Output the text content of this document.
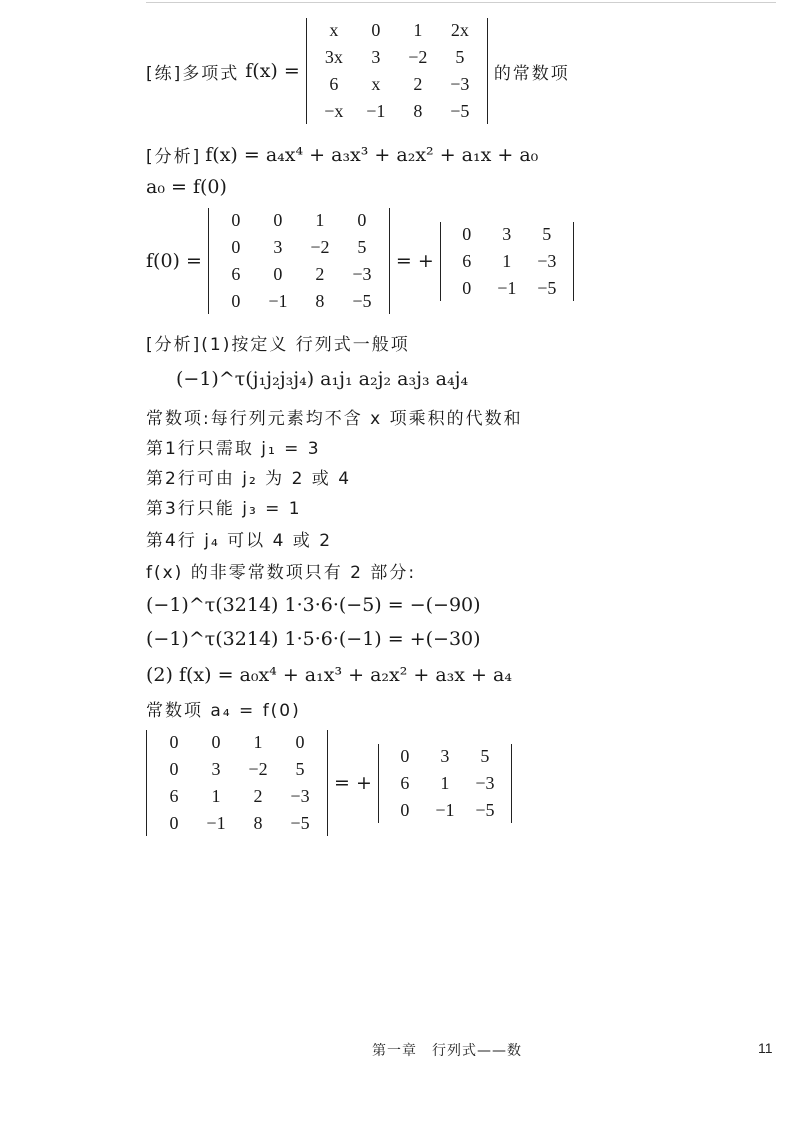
[练]多项式 f(x) =
x	0	1	2x
3x	3	−2	5
6	x	2	−3
−x	−1	8	−5
的常数项
[分析] f(x) = a₄x⁴ + a₃x³ + a₂x² + a₁x + a₀
a₀ = f(0)
f(0) =
0	0	1	0
0	3	−2	5
6	0	2	−3
0	−1	8	−5
= +
0	3	5
6	1	−3
0	−1	−5
[分析](1)按定义 行列式一般项
(−1)^τ(j₁j₂j₃j₄) a₁j₁ a₂j₂ a₃j₃ a₄j₄
常数项:每行列元素均不含 x 项乘积的代数和
第1行只需取 j₁ = 3
第2行可由 j₂ 为 2 或 4
第3行只能 j₃ = 1
第4行 j₄ 可以 4 或 2
f(x) 的非零常数项只有 2 部分:
(−1)^τ(3214) 1·3·6·(−5) = −(−90)
(−1)^τ(3214) 1·5·6·(−1) = +(−30)
(2) f(x) = a₀x⁴ + a₁x³ + a₂x² + a₃x + a₄
常数项 a₄ = f(0)
0	0	1	0
0	3	−2	5
6	1	2	−3
0	−1	8	−5
= +
0	3	5
6	1	−3
0	−1	−5
第一章　行列式——数	11
